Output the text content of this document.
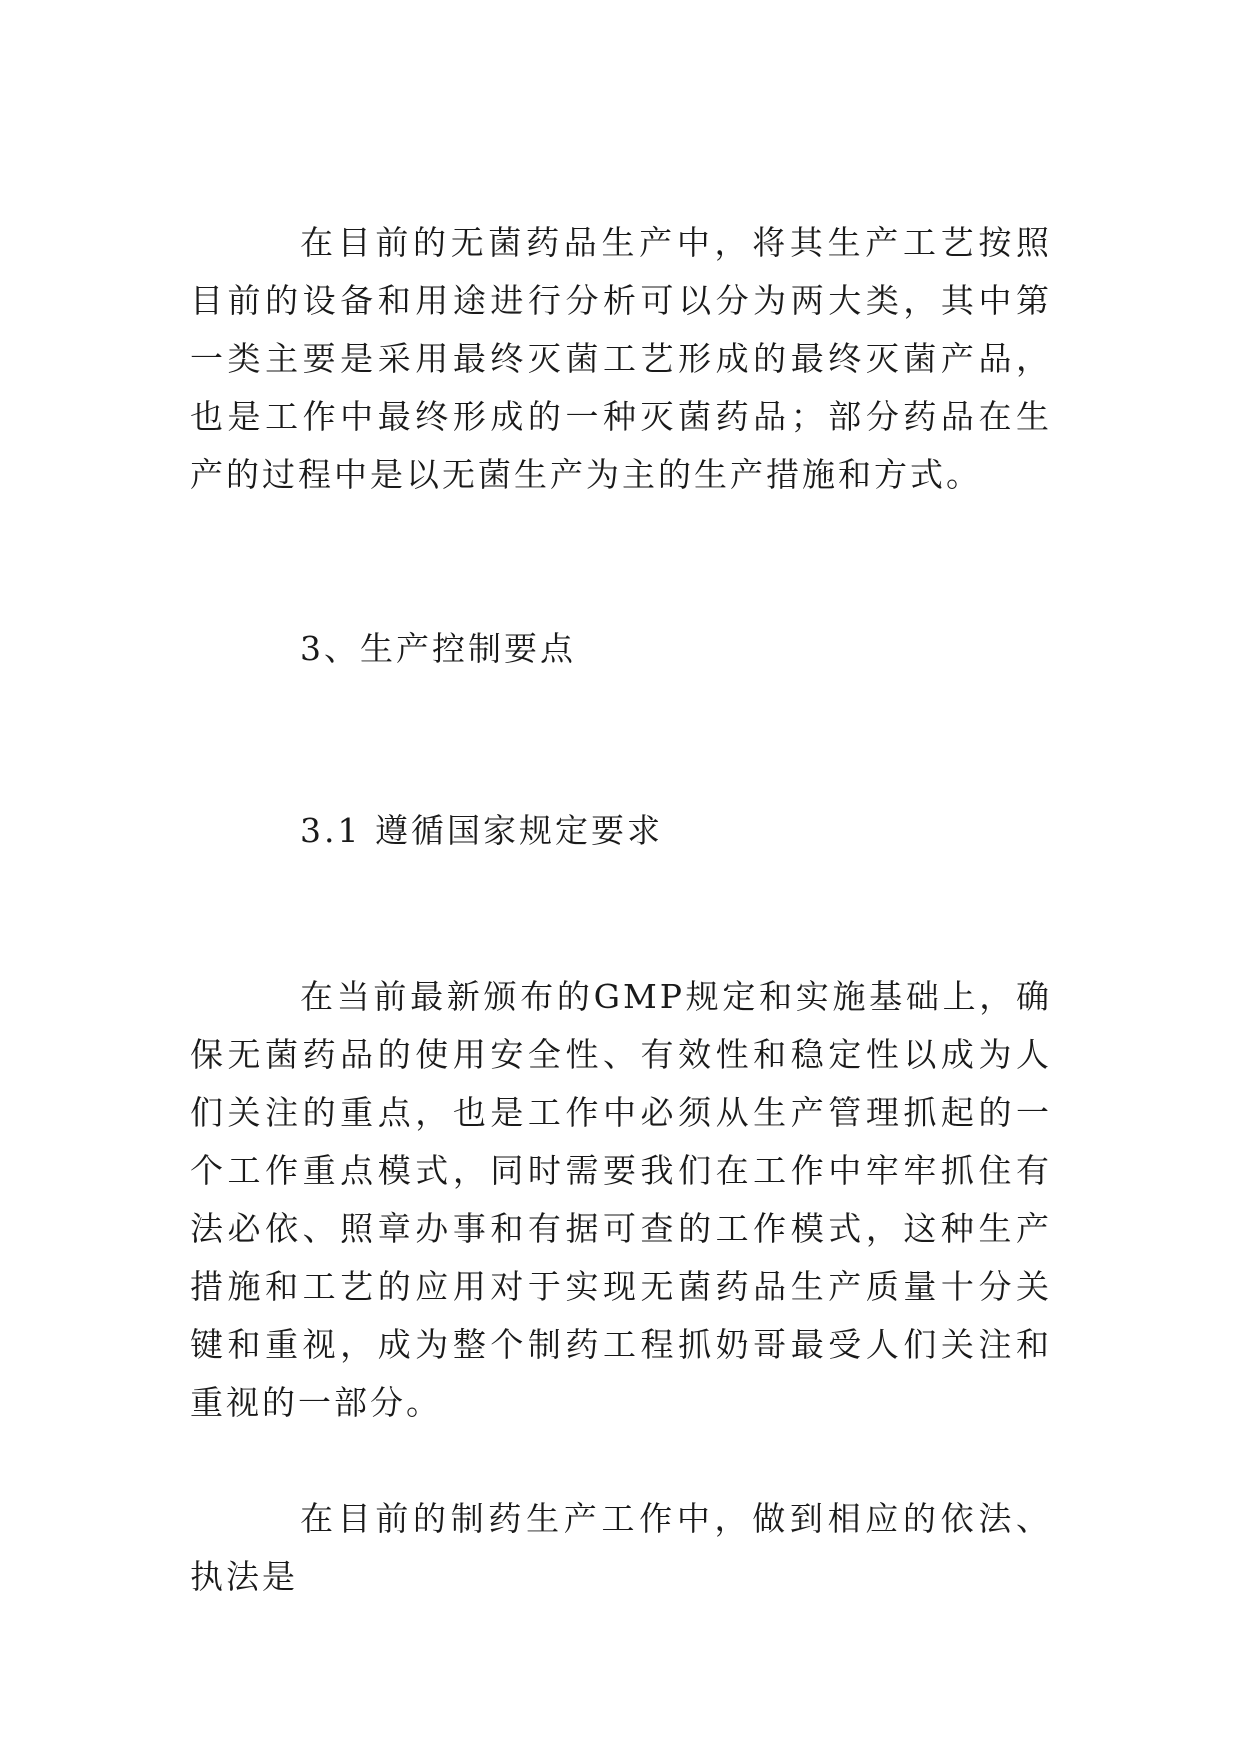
在目前的无菌药品生产中，将其生产工艺按照目前的设备和用途进行分析可以分为两大类，其中第一类主要是采用最终灭菌工艺形成的最终灭菌产品，也是工作中最终形成的一种灭菌药品；部分药品在生产的过程中是以无菌生产为主的生产措施和方式。

3、生产控制要点
3.1 遵循国家规定要求

在当前最新颁布的GMP规定和实施基础上，确保无菌药品的使用安全性、有效性和稳定性以成为人们关注的重点，也是工作中必须从生产管理抓起的一个工作重点模式，同时需要我们在工作中牢牢抓住有法必依、照章办事和有据可查的工作模式，这种生产措施和工艺的应用对于实现无菌药品生产质量十分关键和重视，成为整个制药工程抓奶哥最受人们关注和重视的一部分。

在目前的制药生产工作中，做到相应的依法、执法是
